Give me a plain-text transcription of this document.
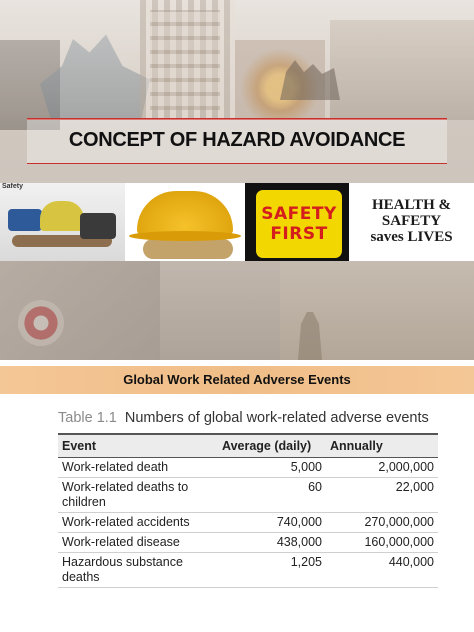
CONCEPT OF HAZARD AVOIDANCE
Safety
SAFETY
FIRST
HEALTH &
SAFETY
saves LIVES
Global Work Related Adverse Events
Table 1.1 Numbers of global work-related adverse events
Event	Average (daily)	Annually
Work-related death	5,000	2,000,000
Work-related deaths to children	60	22,000
Work-related accidents	740,000	270,000,000
Work-related disease	438,000	160,000,000
Hazardous substance deaths	1,205	440,000
